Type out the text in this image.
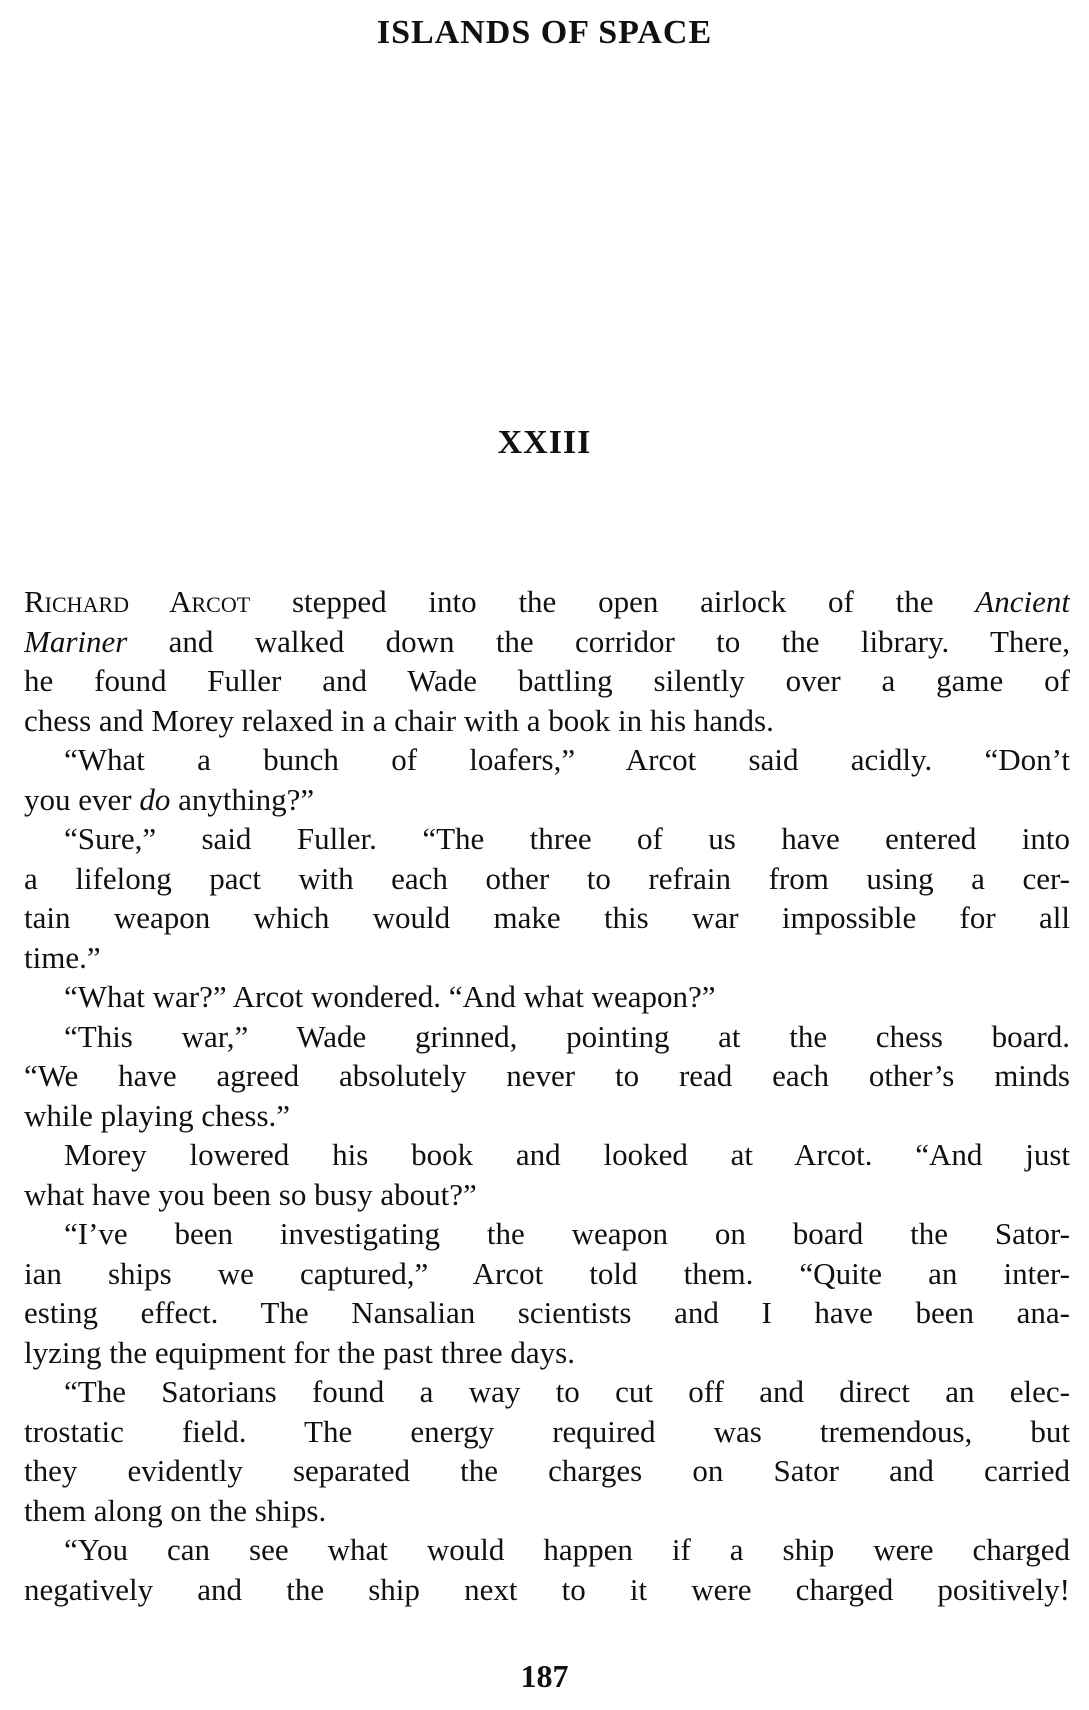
ISLANDS OF SPACE
XXIII
Richard Arcot stepped into the open airlock of the Ancient
Mariner and walked down the corridor to the library. There,
he found Fuller and Wade battling silently over a game of
chess and Morey relaxed in a chair with a book in his hands.
“What a bunch of loafers,” Arcot said acidly. “Don’t
you ever do anything?”
“Sure,” said Fuller. “The three of us have entered into
a lifelong pact with each other to refrain from using a cer-
tain weapon which would make this war impossible for all
time.”
“What war?” Arcot wondered. “And what weapon?”
“This war,” Wade grinned, pointing at the chess board.
“We have agreed absolutely never to read each other’s minds
while playing chess.”
Morey lowered his book and looked at Arcot. “And just
what have you been so busy about?”
“I’ve been investigating the weapon on board the Sator-
ian ships we captured,” Arcot told them. “Quite an inter-
esting effect. The Nansalian scientists and I have been ana-
lyzing the equipment for the past three days.
“The Satorians found a way to cut off and direct an elec-
trostatic field. The energy required was tremendous, but
they evidently separated the charges on Sator and carried
them along on the ships.
“You can see what would happen if a ship were charged
negatively and the ship next to it were charged positively!
187
